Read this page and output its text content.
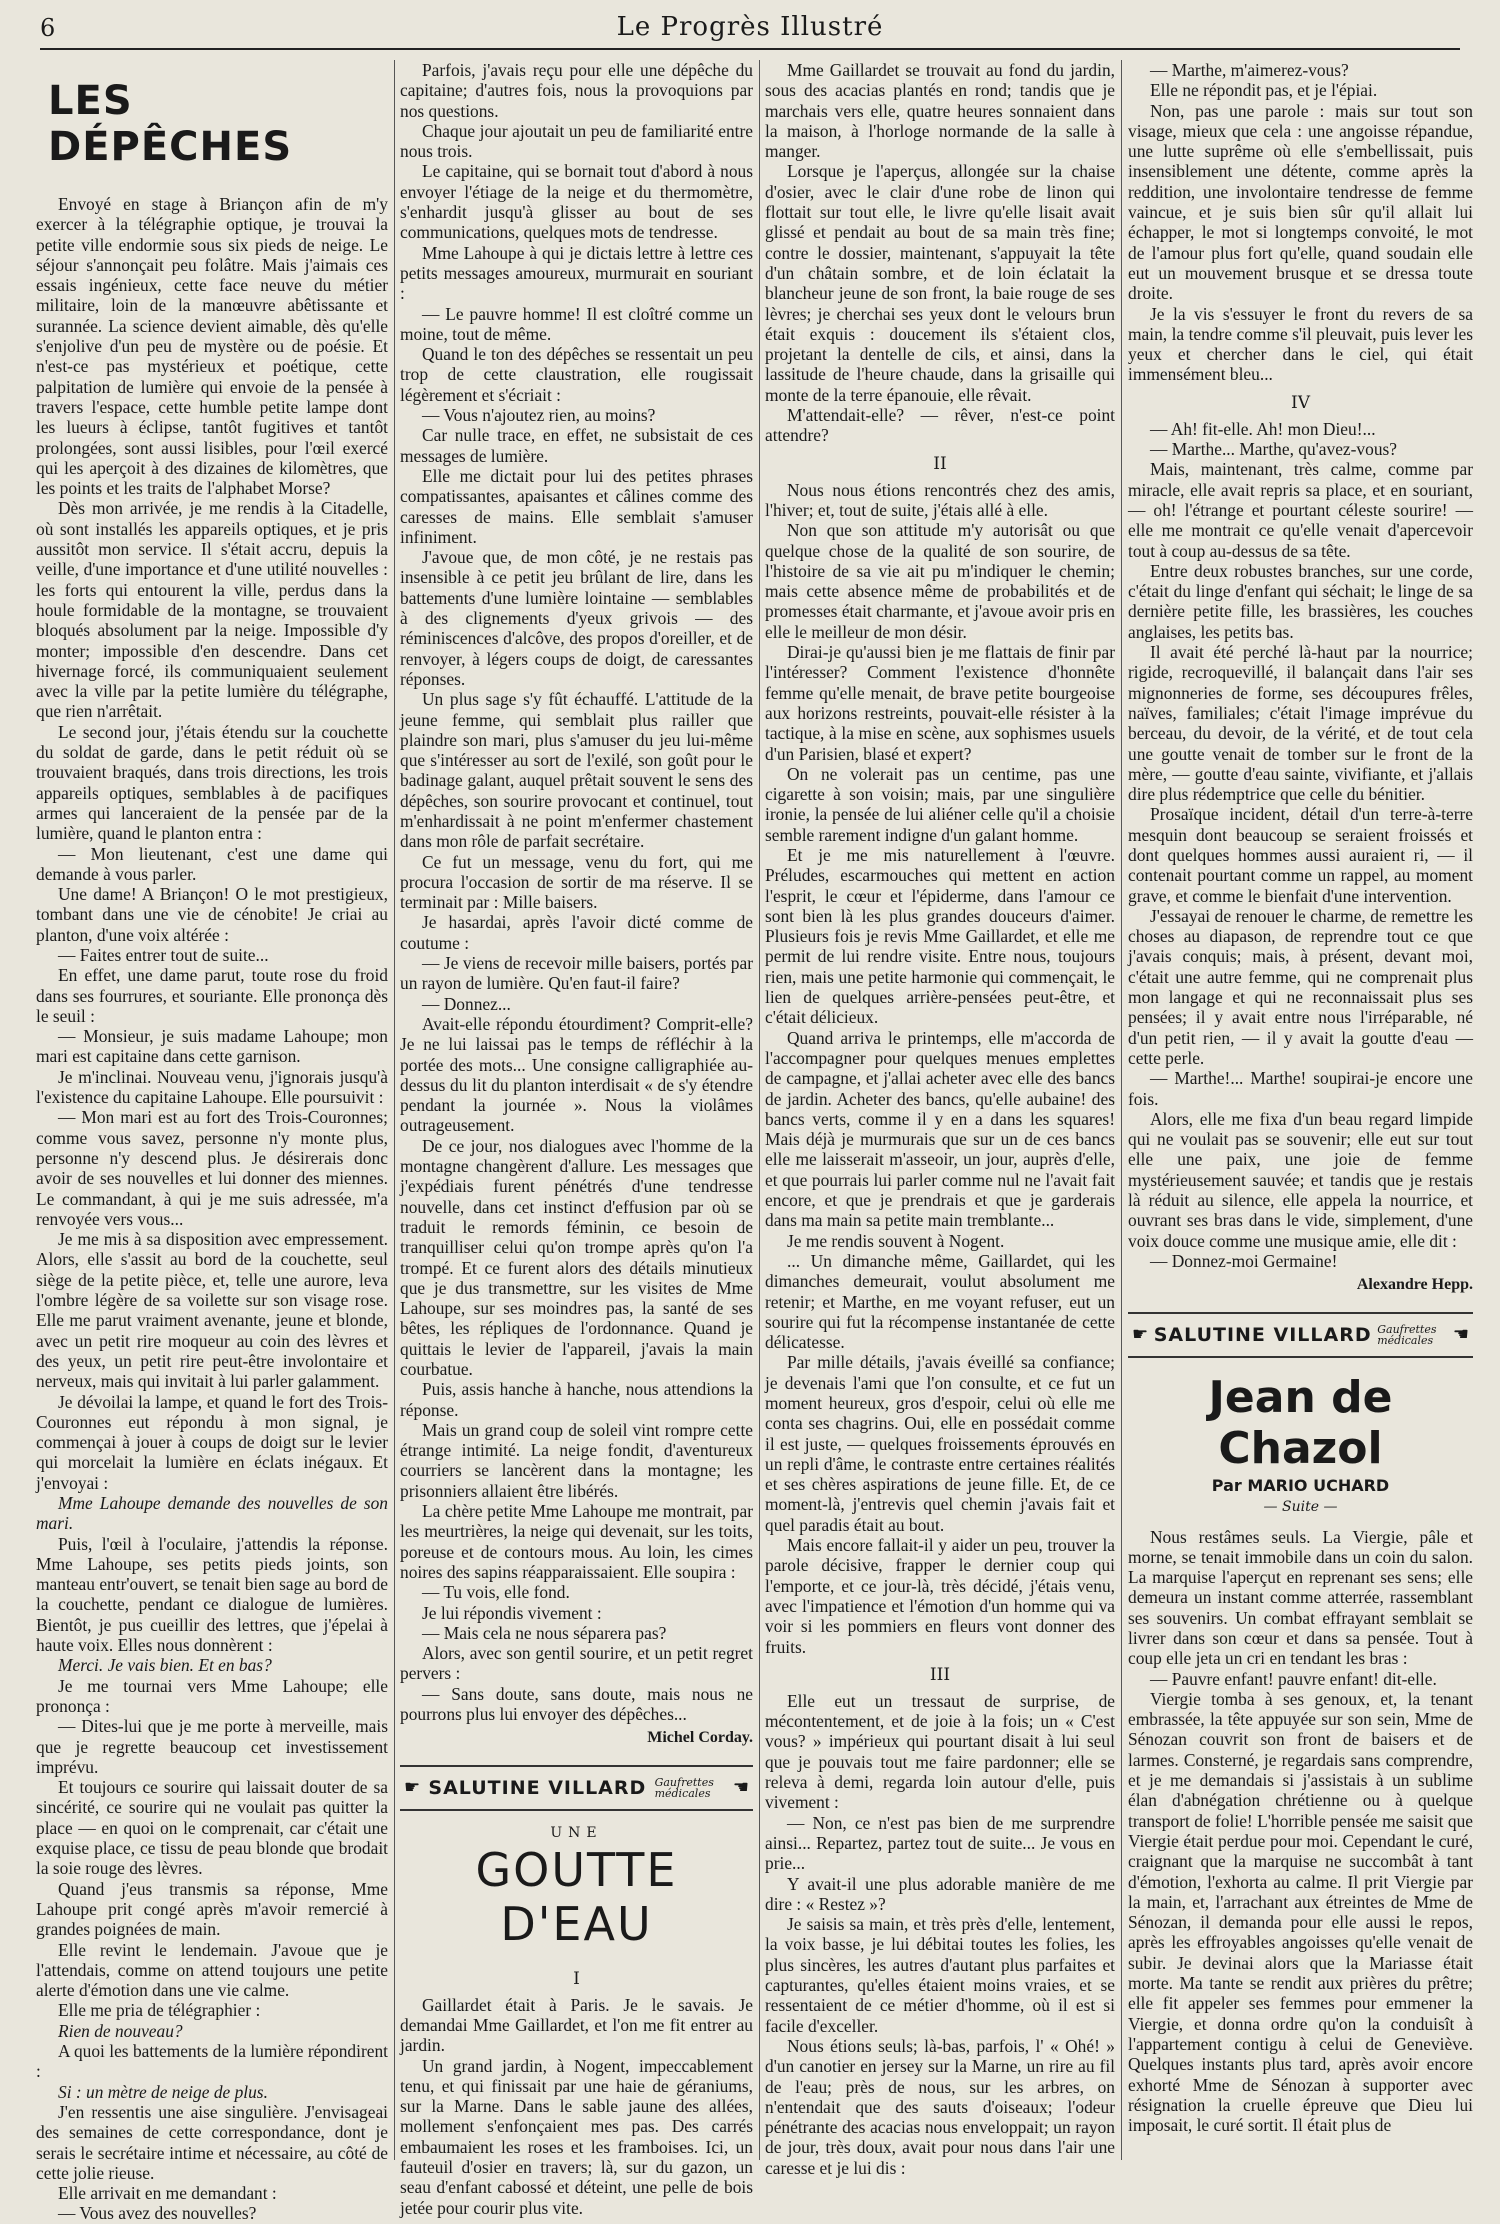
6	Le Progrès Illustré
LES DÉPÊCHES

Envoyé en stage à Briançon afin de m'y exercer à la télégraphie optique, je trouvai la petite ville endormie sous six pieds de neige. Le séjour s'annonçait peu folâtre. Mais j'aimais ces essais ingénieux, cette face neuve du métier militaire, loin de la manœuvre abêtissante et surannée. La science devient aimable, dès qu'elle s'enjolive d'un peu de mystère ou de poésie. Et n'est-ce pas mystérieux et poétique, cette palpitation de lumière qui envoie de la pensée à travers l'espace, cette humble petite lampe dont les lueurs à éclipse, tantôt fugitives et tantôt prolongées, sont aussi lisibles, pour l'œil exercé qui les aperçoit à des dizaines de kilomètres, que les points et les traits de l'alphabet Morse?

Dès mon arrivée, je me rendis à la Citadelle, où sont installés les appareils optiques, et je pris aussitôt mon service. Il s'était accru, depuis la veille, d'une importance et d'une utilité nouvelles : les forts qui entourent la ville, perdus dans la houle formidable de la montagne, se trouvaient bloqués absolument par la neige. Impossible d'y monter; impossible d'en descendre. Dans cet hivernage forcé, ils communiquaient seulement avec la ville par la petite lumière du télégraphe, que rien n'arrêtait.

Le second jour, j'étais étendu sur la couchette du soldat de garde, dans le petit réduit où se trouvaient braqués, dans trois directions, les trois appareils optiques, semblables à de pacifiques armes qui lanceraient de la pensée par de la lumière, quand le planton entra :

— Mon lieutenant, c'est une dame qui demande à vous parler.

Une dame! A Briançon! O le mot prestigieux, tombant dans une vie de cénobite! Je criai au planton, d'une voix altérée :

— Faites entrer tout de suite...

En effet, une dame parut, toute rose du froid dans ses fourrures, et souriante. Elle prononça dès le seuil :

— Monsieur, je suis madame Lahoupe; mon mari est capitaine dans cette garnison.

Je m'inclinai. Nouveau venu, j'ignorais jusqu'à l'existence du capitaine Lahoupe. Elle poursuivit :

— Mon mari est au fort des Trois-Couronnes; comme vous savez, personne n'y monte plus, personne n'y descend plus. Je désirerais donc avoir de ses nouvelles et lui donner des miennes. Le commandant, à qui je me suis adressée, m'a renvoyée vers vous...

Je me mis à sa disposition avec empressement. Alors, elle s'assit au bord de la couchette, seul siège de la petite pièce, et, telle une aurore, leva l'ombre légère de sa voilette sur son visage rose. Elle me parut vraiment avenante, jeune et blonde, avec un petit rire moqueur au coin des lèvres et des yeux, un petit rire peut-être involontaire et nerveux, mais qui invitait à lui parler galamment.

Je dévoilai la lampe, et quand le fort des Trois-Couronnes eut répondu à mon signal, je commençai à jouer à coups de doigt sur le levier qui morcelait la lumière en éclats inégaux. Et j'envoyai :

Mme Lahoupe demande des nouvelles de son mari.

Puis, l'œil à l'oculaire, j'attendis la réponse. Mme Lahoupe, ses petits pieds joints, son manteau entr'ouvert, se tenait bien sage au bord de la couchette, pendant ce dialogue de lumières. Bientôt, je pus cueillir des lettres, que j'épelai à haute voix. Elles nous donnèrent :

Merci. Je vais bien. Et en bas?

Je me tournai vers Mme Lahoupe; elle prononça :

— Dites-lui que je me porte à merveille, mais que je regrette beaucoup cet investissement imprévu.

Et toujours ce sourire qui laissait douter de sa sincérité, ce sourire qui ne voulait pas quitter la place — en quoi on le comprenait, car c'était une exquise place, ce tissu de peau blonde que brodait la soie rouge des lèvres.

Quand j'eus transmis sa réponse, Mme Lahoupe prit congé après m'avoir remercié à grandes poignées de main.

Elle revint le lendemain. J'avoue que je l'attendais, comme on attend toujours une petite alerte d'émotion dans une vie calme.

Elle me pria de télégraphier :

Rien de nouveau?

A quoi les battements de la lumière répondirent :

Si : un mètre de neige de plus.

J'en ressentis une aise singulière. J'envisageai des semaines de cette correspondance, dont je serais le secrétaire intime et nécessaire, au côté de cette jolie rieuse.

Elle arrivait en me demandant :

— Vous avez des nouvelles?

Parfois, j'avais reçu pour elle une dépêche du capitaine; d'autres fois, nous la provoquions par nos questions.

Chaque jour ajoutait un peu de familiarité entre nous trois.

Le capitaine, qui se bornait tout d'abord à nous envoyer l'étiage de la neige et du thermomètre, s'enhardit jusqu'à glisser au bout de ses communications, quelques mots de tendresse.

Mme Lahoupe à qui je dictais lettre à lettre ces petits messages amoureux, murmurait en souriant :

— Le pauvre homme! Il est cloîtré comme un moine, tout de même.

Quand le ton des dépêches se ressentait un peu trop de cette claustration, elle rougissait légèrement et s'écriait :

— Vous n'ajoutez rien, au moins?

Car nulle trace, en effet, ne subsistait de ces messages de lumière.

Elle me dictait pour lui des petites phrases compatissantes, apaisantes et câlines comme des caresses de mains. Elle semblait s'amuser infiniment.

J'avoue que, de mon côté, je ne restais pas insensible à ce petit jeu brûlant de lire, dans les battements d'une lumière lointaine — semblables à des clignements d'yeux grivois — des réminiscences d'alcôve, des propos d'oreiller, et de renvoyer, à légers coups de doigt, de caressantes réponses.

Un plus sage s'y fût échauffé. L'attitude de la jeune femme, qui semblait plus railler que plaindre son mari, plus s'amuser du jeu lui-même que s'intéresser au sort de l'exilé, son goût pour le badinage galant, auquel prêtait souvent le sens des dépêches, son sourire provocant et continuel, tout m'enhardissait à ne point m'enfermer chastement dans mon rôle de parfait secrétaire.

Ce fut un message, venu du fort, qui me procura l'occasion de sortir de ma réserve. Il se terminait par : Mille baisers.

Je hasardai, après l'avoir dicté comme de coutume :

— Je viens de recevoir mille baisers, portés par un rayon de lumière. Qu'en faut-il faire?

— Donnez...

Avait-elle répondu étourdiment? Comprit-elle? Je ne lui laissai pas le temps de réfléchir à la portée des mots... Une consigne calligraphiée au-dessus du lit du planton interdisait « de s'y étendre pendant la journée ». Nous la violâmes outrageusement.

De ce jour, nos dialogues avec l'homme de la montagne changèrent d'allure. Les messages que j'expédiais furent pénétrés d'une tendresse nouvelle, dans cet instinct d'effusion par où se traduit le remords féminin, ce besoin de tranquilliser celui qu'on trompe après qu'on l'a trompé. Et ce furent alors des détails minutieux que je dus transmettre, sur les visites de Mme Lahoupe, sur ses moindres pas, la santé de ses bêtes, les répliques de l'ordonnance. Quand je quittais le levier de l'appareil, j'avais la main courbatue.

Puis, assis hanche à hanche, nous attendions la réponse.

Mais un grand coup de soleil vint rompre cette étrange intimité. La neige fondit, d'aventureux courriers se lancèrent dans la montagne; les prisonniers allaient être libérés.

La chère petite Mme Lahoupe me montrait, par les meurtrières, la neige qui devenait, sur les toits, poreuse et de contours mous. Au loin, les cimes noires des sapins réapparaissaient. Elle soupira :

— Tu vois, elle fond.

Je lui répondis vivement :

— Mais cela ne nous séparera pas?

Alors, avec son gentil sourire, et un petit regret pervers :

— Sans doute, sans doute, mais nous ne pourrons plus lui envoyer des dépêches...

Michel Corday.

☛ SALUTINE VILLARD Gaufrettes médicales	☚
UNE
GOUTTE D'EAU
I

Gaillardet était à Paris. Je le savais. Je demandai Mme Gaillardet, et l'on me fit entrer au jardin.

Un grand jardin, à Nogent, impeccablement tenu, et qui finissait par une haie de géraniums, sur la Marne. Dans le sable jaune des allées, mollement s'enfonçaient mes pas. Des carrés embaumaient les roses et les framboises. Ici, un fauteuil d'osier en travers; là, sur du gazon, un seau d'enfant cabossé et déteint, une pelle de bois jetée pour courir plus vite.

Mme Gaillardet se trouvait au fond du jardin, sous des acacias plantés en rond; tandis que je marchais vers elle, quatre heures sonnaient dans la maison, à l'horloge normande de la salle à manger.

Lorsque je l'aperçus, allongée sur la chaise d'osier, avec le clair d'une robe de linon qui flottait sur tout elle, le livre qu'elle lisait avait glissé et pendait au bout de sa main très fine; contre le dossier, maintenant, s'appuyait la tête d'un châtain sombre, et de loin éclatait la blancheur jeune de son front, la baie rouge de ses lèvres; je cherchai ses yeux dont le velours brun était exquis : doucement ils s'étaient clos, projetant la dentelle de cils, et ainsi, dans la lassitude de l'heure chaude, dans la grisaille qui monte de la terre épanouie, elle rêvait.

M'attendait-elle? — rêver, n'est-ce point attendre?

II

Nous nous étions rencontrés chez des amis, l'hiver; et, tout de suite, j'étais allé à elle.

Non que son attitude m'y autorisât ou que quelque chose de la qualité de son sourire, de l'histoire de sa vie ait pu m'indiquer le chemin; mais cette absence même de probabilités et de promesses était charmante, et j'avoue avoir pris en elle le meilleur de mon désir.

Dirai-je qu'aussi bien je me flattais de finir par l'intéresser? Comment l'existence d'honnête femme qu'elle menait, de brave petite bourgeoise aux horizons restreints, pouvait-elle résister à la tactique, à la mise en scène, aux sophismes usuels d'un Parisien, blasé et expert?

On ne volerait pas un centime, pas une cigarette à son voisin; mais, par une singulière ironie, la pensée de lui aliéner celle qu'il a choisie semble rarement indigne d'un galant homme.

Et je me mis naturellement à l'œuvre. Préludes, escarmouches qui mettent en action l'esprit, le cœur et l'épiderme, dans l'amour ce sont bien là les plus grandes douceurs d'aimer. Plusieurs fois je revis Mme Gaillardet, et elle me permit de lui rendre visite. Entre nous, toujours rien, mais une petite harmonie qui commençait, le lien de quelques arrière-pensées peut-être, et c'était délicieux.

Quand arriva le printemps, elle m'accorda de l'accompagner pour quelques menues emplettes de campagne, et j'allai acheter avec elle des bancs de jardin. Acheter des bancs, qu'elle aubaine! des bancs verts, comme il y en a dans les squares! Mais déjà je murmurais que sur un de ces bancs elle me laisserait m'asseoir, un jour, auprès d'elle, et que pourrais lui parler comme nul ne l'avait fait encore, et que je prendrais et que je garderais dans ma main sa petite main tremblante...

Je me rendis souvent à Nogent.

... Un dimanche même, Gaillardet, qui les dimanches demeurait, voulut absolument me retenir; et Marthe, en me voyant refuser, eut un sourire qui fut la récompense instantanée de cette délicatesse.

Par mille détails, j'avais éveillé sa confiance; je devenais l'ami que l'on consulte, et ce fut un moment heureux, gros d'espoir, celui où elle me conta ses chagrins. Oui, elle en possédait comme il est juste, — quelques froissements éprouvés en un repli d'âme, le contraste entre certaines réalités et ses chères aspirations de jeune fille. Et, de ce moment-là, j'entrevis quel chemin j'avais fait et quel paradis était au bout.

Mais encore fallait-il y aider un peu, trouver la parole décisive, frapper le dernier coup qui l'emporte, et ce jour-là, très décidé, j'étais venu, avec l'impatience et l'émotion d'un homme qui va voir si les pommiers en fleurs vont donner des fruits.

III

Elle eut un tressaut de surprise, de mécontentement, et de joie à la fois; un « C'est vous? » impérieux qui pourtant disait à lui seul que je pouvais tout me faire pardonner; elle se releva à demi, regarda loin autour d'elle, puis vivement :

— Non, ce n'est pas bien de me surprendre ainsi... Repartez, partez tout de suite... Je vous en prie...

Y avait-il une plus adorable manière de me dire : « Restez »?

Je saisis sa main, et très près d'elle, lentement, la voix basse, je lui débitai toutes les folies, les plus sincères, les autres d'autant plus parfaites et capturantes, qu'elles étaient moins vraies, et se ressentaient de ce métier d'homme, où il est si facile d'exceller.

Nous étions seuls; là-bas, parfois, l' « Ohé! » d'un canotier en jersey sur la Marne, un rire au fil de l'eau; près de nous, sur les arbres, on n'entendait que des sauts d'oiseaux; l'odeur pénétrante des acacias nous enveloppait; un rayon de jour, très doux, avait pour nous dans l'air une caresse et je lui dis :

— Marthe, m'aimerez-vous?

Elle ne répondit pas, et je l'épiai.

Non, pas une parole : mais sur tout son visage, mieux que cela : une angoisse répandue, une lutte suprême où elle s'embellissait, puis insensiblement une détente, comme après la reddition, une involontaire tendresse de femme vaincue, et je suis bien sûr qu'il allait lui échapper, le mot si longtemps convoité, le mot de l'amour plus fort qu'elle, quand soudain elle eut un mouvement brusque et se dressa toute droite.

Je la vis s'essuyer le front du revers de sa main, la tendre comme s'il pleuvait, puis lever les yeux et chercher dans le ciel, qui était immensément bleu...

IV

— Ah! fit-elle. Ah! mon Dieu!...

— Marthe... Marthe, qu'avez-vous?

Mais, maintenant, très calme, comme par miracle, elle avait repris sa place, et en souriant, — oh! l'étrange et pourtant céleste sourire! — elle me montrait ce qu'elle venait d'apercevoir tout à coup au-dessus de sa tête.

Entre deux robustes branches, sur une corde, c'était du linge d'enfant qui séchait; le linge de sa dernière petite fille, les brassières, les couches anglaises, les petits bas.

Il avait été perché là-haut par la nourrice; rigide, recroquevillé, il balançait dans l'air ses mignonneries de forme, ses découpures frêles, naïves, familiales; c'était l'image imprévue du berceau, du devoir, de la vérité, et de tout cela une goutte venait de tomber sur le front de la mère, — goutte d'eau sainte, vivifiante, et j'allais dire plus rédemptrice que celle du bénitier.

Prosaïque incident, détail d'un terre-à-terre mesquin dont beaucoup se seraient froissés et dont quelques hommes aussi auraient ri, — il contenait pourtant comme un rappel, au moment grave, et comme le bienfait d'une intervention.

J'essayai de renouer le charme, de remettre les choses au diapason, de reprendre tout ce que j'avais conquis; mais, à présent, devant moi, c'était une autre femme, qui ne comprenait plus mon langage et qui ne reconnaissait plus ses pensées; il y avait entre nous l'irréparable, né d'un petit rien, — il y avait la goutte d'eau — cette perle.

— Marthe!... Marthe! soupirai-je encore une fois.

Alors, elle me fixa d'un beau regard limpide qui ne voulait pas se souvenir; elle eut sur tout elle une paix, une joie de femme mystérieusement sauvée; et tandis que je restais là réduit au silence, elle appela la nourrice, et ouvrant ses bras dans le vide, simplement, d'une voix douce comme une musique amie, elle dit :

— Donnez-moi Germaine!

Alexandre Hepp.

☛ SALUTINE VILLARD Gaufrettes médicales	☚
Jean de Chazol
Par MARIO UCHARD
— Suite —

Nous restâmes seuls. La Viergie, pâle et morne, se tenait immobile dans un coin du salon. La marquise l'aperçut en reprenant ses sens; elle demeura un instant comme atterrée, rassemblant ses souvenirs. Un combat effrayant semblait se livrer dans son cœur et dans sa pensée. Tout à coup elle jeta un cri en tendant les bras :

— Pauvre enfant! pauvre enfant! dit-elle.

Viergie tomba à ses genoux, et, la tenant embrassée, la tête appuyée sur son sein, Mme de Sénozan couvrit son front de baisers et de larmes. Consterné, je regardais sans comprendre, et je me demandais si j'assistais à un sublime élan d'abnégation chrétienne ou à quelque transport de folie! L'horrible pensée me saisit que Viergie était perdue pour moi. Cependant le curé, craignant que la marquise ne succombât à tant d'émotion, l'exhorta au calme. Il prit Viergie par la main, et, l'arrachant aux étreintes de Mme de Sénozan, il demanda pour elle aussi le repos, après les effroyables angoisses qu'elle venait de subir. Je devinai alors que la Mariasse était morte. Ma tante se rendit aux prières du prêtre; elle fit appeler ses femmes pour emmener la Viergie, et donna ordre qu'on la conduisît à l'appartement contigu à celui de Geneviève. Quelques instants plus tard, après avoir encore exhorté Mme de Sénozan à supporter avec résignation la cruelle épreuve que Dieu lui imposait, le curé sortit. Il était plus de
